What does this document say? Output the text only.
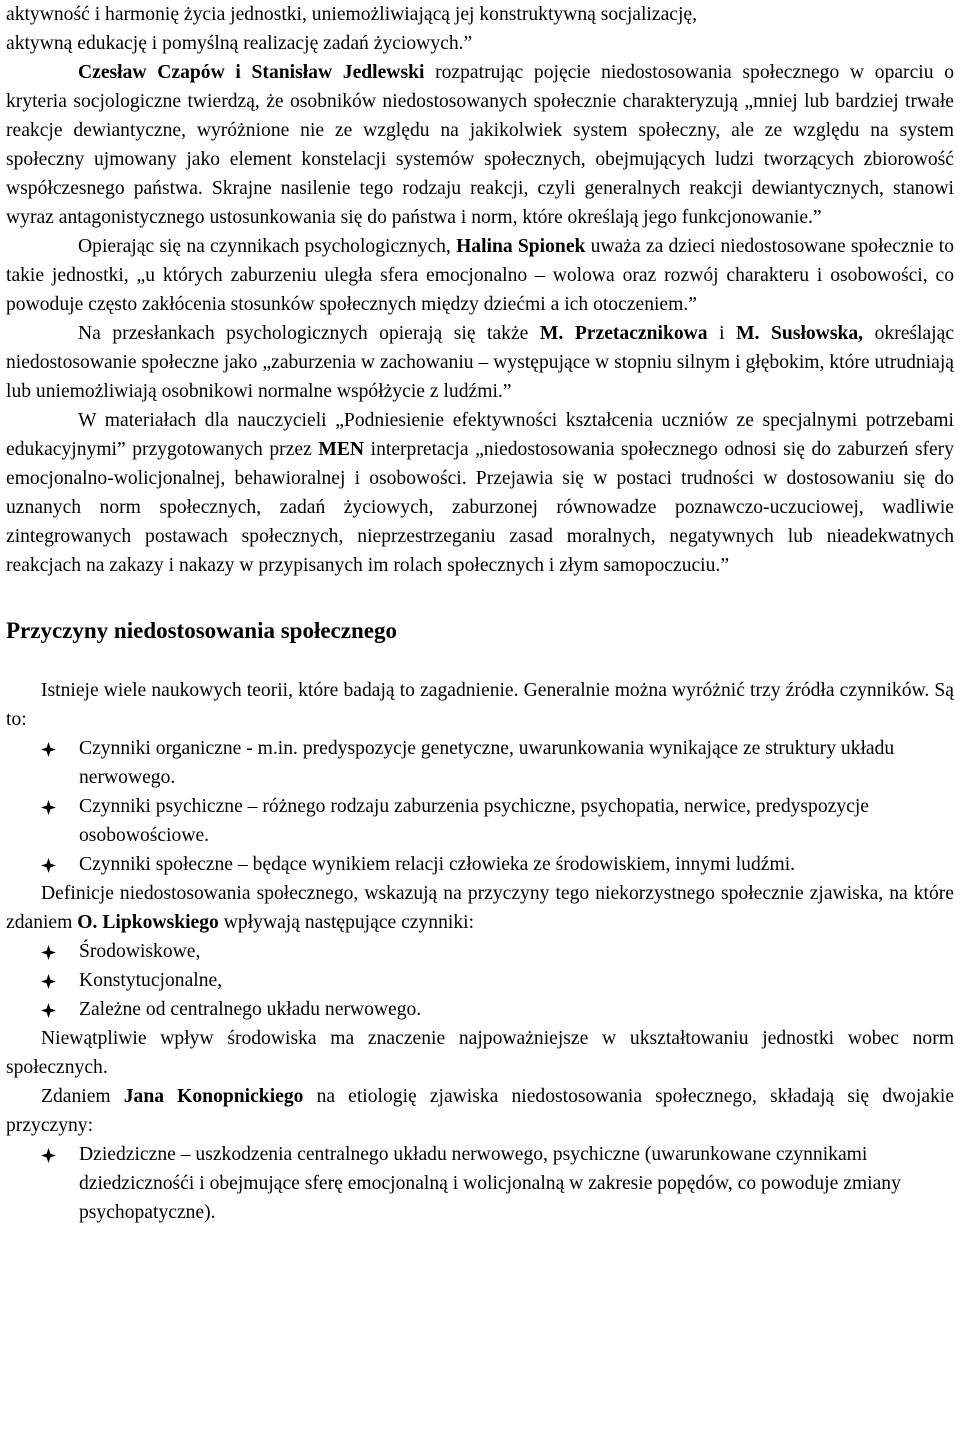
aktywność i harmonię życia jednostki, uniemożliwiającą jej konstruktywną socjalizację,
aktywną edukację i pomyślną realizację zadań życiowych.”

Czesław Czapów i Stanisław Jedlewski rozpatrując pojęcie niedostosowania społecznego w oparciu o kryteria socjologiczne twierdzą, że osobników niedostosowanych społecznie charakteryzują „mniej lub bardziej trwałe reakcje dewiantyczne, wyróżnione nie ze względu na jakikolwiek system społeczny, ale ze względu na system społeczny ujmowany jako element konstelacji systemów społecznych, obejmujących ludzi tworzących zbiorowość współczesnego państwa. Skrajne nasilenie tego rodzaju reakcji, czyli generalnych reakcji dewiantycznych, stanowi wyraz antagonistycznego ustosunkowania się do państwa i norm, które określają jego funkcjonowanie.”

Opierając się na czynnikach psychologicznych, Halina Spionek uważa za dzieci niedostosowane społecznie to takie jednostki, „u których zaburzeniu uległa sfera emocjonalno – wolowa oraz rozwój charakteru i osobowości, co powoduje często zakłócenia stosunków społecznych między dziećmi a ich otoczeniem.”

Na przesłankach psychologicznych opierają się także M. Przetacznikowa i M. Susłowska, określając niedostosowanie społeczne jako „zaburzenia w zachowaniu – występujące w stopniu silnym i głębokim, które utrudniają lub uniemożliwiają osobnikowi normalne współżycie z ludźmi.”

W materiałach dla nauczycieli „Podniesienie efektywności kształcenia uczniów ze specjalnymi potrzebami edukacyjnymi” przygotowanych przez MEN interpretacja „niedostosowania społecznego odnosi się do zaburzeń sfery emocjonalno-wolicjonalnej, behawioralnej i osobowości. Przejawia się w postaci trudności w dostosowaniu się do uznanych norm społecznych, zadań życiowych, zaburzonej równowadze poznawczo-uczuciowej, wadliwie zintegrowanych postawach społecznych, nieprzestrzeganiu zasad moralnych, negatywnych lub nieadekwatnych reakcjach na zakazy i nakazy w przypisanych im rolach społecznych i złym samopoczuciu.”

Przyczyny niedostosowania społecznego

Istnieje wiele naukowych teorii, które badają to zagadnienie. Generalnie można wyróżnić trzy źródła czynników. Są to:

Czynniki organiczne - m.in. predyspozycje genetyczne, uwarunkowania wynikające ze struktury układu nerwowego.
Czynniki psychiczne – różnego rodzaju zaburzenia psychiczne, psychopatia, nerwice, predyspozycje osobowościowe.
Czynniki społeczne – będące wynikiem relacji człowieka ze środowiskiem, innymi ludźmi.

Definicje niedostosowania społecznego, wskazują na przyczyny tego niekorzystnego społecznie zjawiska, na które zdaniem O. Lipkowskiego wpływają następujące czynniki:

Środowiskowe,
Konstytucjonalne,
Zależne od centralnego układu nerwowego.

Niewątpliwie wpływ środowiska ma znaczenie najpoważniejsze w ukształtowaniu jednostki wobec norm społecznych.

Zdaniem Jana Konopnickiego na etiologię zjawiska niedostosowania społecznego, składają się dwojakie przyczyny:

Dziedziczne – uszkodzenia centralnego układu nerwowego, psychiczne (uwarunkowane czynnikami dziedzicznośći i obejmujące sferę emocjonalną i wolicjonalną w zakresie popędów, co powoduje zmiany psychopatyczne).
